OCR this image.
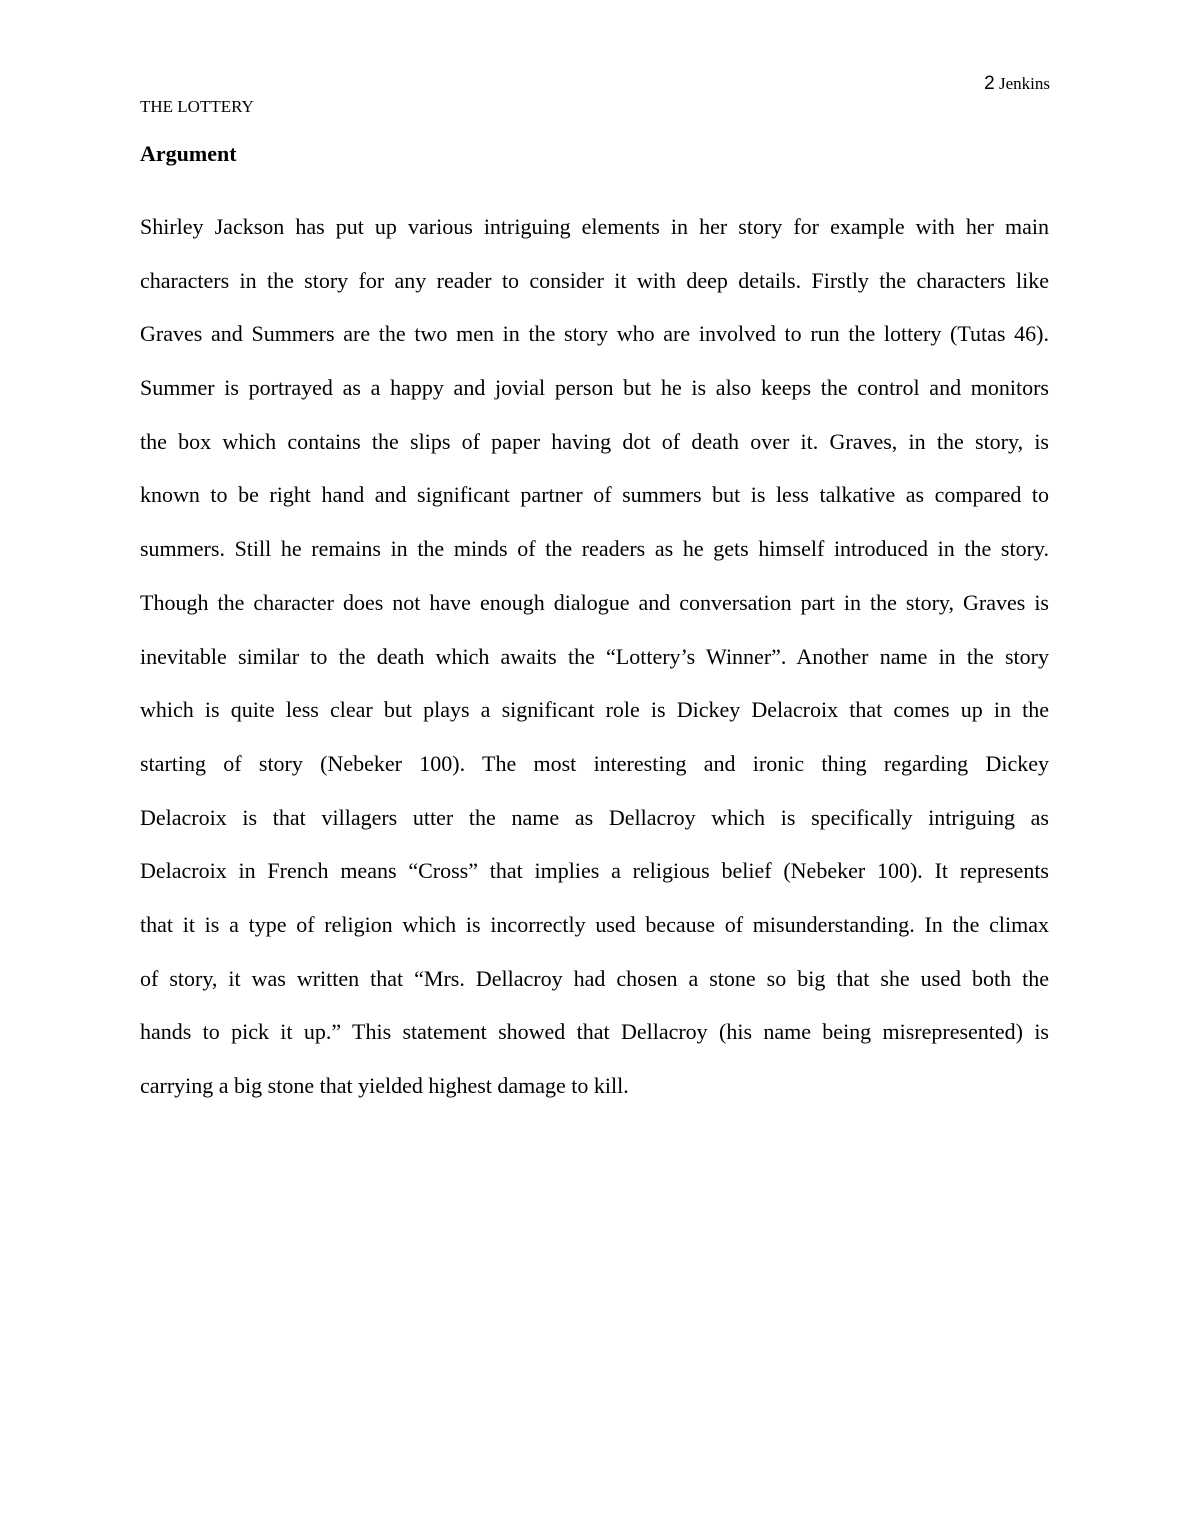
2 Jenkins
THE LOTTERY
Argument
Shirley Jackson has put up various intriguing elements in her story for example with her main
characters in the story for any reader to consider it with deep details. Firstly the characters like
Graves and Summers are the two men in the story who are involved to run the lottery (Tutas 46).
Summer is portrayed as a happy and jovial person but he is also keeps the control and monitors
the box which contains the slips of paper having dot of death over it. Graves, in the story, is
known to be right hand and significant partner of summers but is less talkative as compared to
summers. Still he remains in the minds of the readers as he gets himself introduced in the story.
Though the character does not have enough dialogue and conversation part in the story, Graves is
inevitable similar to the death which awaits the “Lottery’s Winner”. Another name in the story
which is quite less clear but plays a significant role is Dickey Delacroix that comes up in the
starting of story (Nebeker 100). The most interesting and ironic thing regarding Dickey
Delacroix is that villagers utter the name as Dellacroy which is specifically intriguing as
Delacroix in French means “Cross” that implies a religious belief (Nebeker 100). It represents
that it is a type of religion which is incorrectly used because of misunderstanding. In the climax
of story, it was written that “Mrs. Dellacroy had chosen a stone so big that she used both the
hands to pick it up.” This statement showed that Dellacroy (his name being misrepresented) is
carrying a big stone that yielded highest damage to kill.
